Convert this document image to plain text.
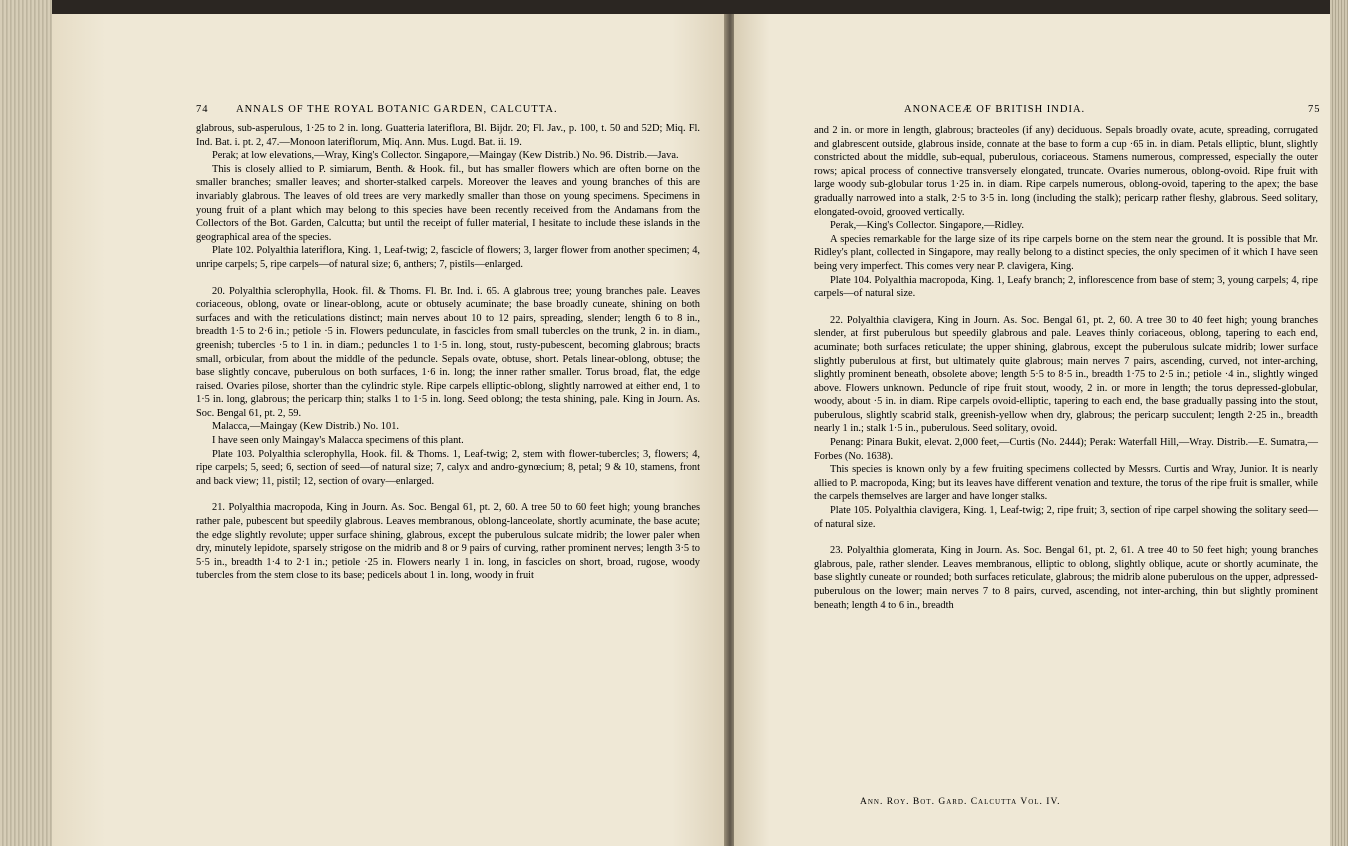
74	ANNALS OF THE ROYAL BOTANIC GARDEN, CALCUTTA.

glabrous, sub-asperulous, 1·25 to 2 in. long. Guatteria lateriflora, Bl. Bijdr. 20; Fl. Jav., p. 100, t. 50 and 52D; Miq. Fl. Ind. Bat. i. pt. 2, 47.—Monoon lateriflorum, Miq. Ann. Mus. Lugd. Bat. ii. 19.

Perak; at low elevations,—Wray, King's Collector. Singapore,—Maingay (Kew Distrib.) No. 96. Distrib.—Java.

This is closely allied to P. simiarum, Benth. & Hook. fil., but has smaller flowers which are often borne on the smaller branches; smaller leaves; and shorter-stalked carpels. Moreover the leaves and young branches of this are invariably glabrous. The leaves of old trees are very markedly smaller than those on young specimens. Specimens in young fruit of a plant which may belong to this species have been recently received from the Andamans from the Collectors of the Bot. Garden, Calcutta; but until the receipt of fuller material, I hesitate to include these islands in the geographical area of the species.

Plate 102. Polyalthia lateriflora, King. 1, Leaf-twig; 2, fascicle of flowers; 3, larger flower from another specimen; 4, unripe carpels; 5, ripe carpels—of natural size; 6, anthers; 7, pistils—enlarged.

20. Polyalthia sclerophylla, Hook. fil. & Thoms. Fl. Br. Ind. i. 65. A glabrous tree; young branches pale. Leaves coriaceous, oblong, ovate or linear-oblong, acute or obtusely acuminate; the base broadly cuneate, shining on both surfaces and with the reticulations distinct; main nerves about 10 to 12 pairs, spreading, slender; length 6 to 8 in., breadth 1·5 to 2·6 in.; petiole ·5 in. Flowers pedunculate, in fascicles from small tubercles on the trunk, 2 in. in diam., greenish; tubercles ·5 to 1 in. in diam.; peduncles 1 to 1·5 in. long, stout, rusty-pubescent, becoming glabrous; bracts small, orbicular, from about the middle of the peduncle. Sepals ovate, obtuse, short. Petals linear-oblong, obtuse; the base slightly concave, puberulous on both surfaces, 1·6 in. long; the inner rather smaller. Torus broad, flat, the edge raised. Ovaries pilose, shorter than the cylindric style. Ripe carpels elliptic-oblong, slightly narrowed at either end, 1 to 1·5 in. long, glabrous; the pericarp thin; stalks 1 to 1·5 in. long. Seed oblong; the testa shining, pale. King in Journ. As. Soc. Bengal 61, pt. 2, 59.

Malacca,—Maingay (Kew Distrib.) No. 101.

I have seen only Maingay's Malacca specimens of this plant.

Plate 103. Polyalthia sclerophylla, Hook. fil. & Thoms. 1, Leaf-twig; 2, stem with flower-tubercles; 3, flowers; 4, ripe carpels; 5, seed; 6, section of seed—of natural size; 7, calyx and andro-gynœcium; 8, petal; 9 & 10, stamens, front and back view; 11, pistil; 12, section of ovary—enlarged.

21. Polyalthia macropoda, King in Journ. As. Soc. Bengal 61, pt. 2, 60. A tree 50 to 60 feet high; young branches rather pale, pubescent but speedily glabrous. Leaves membranous, oblong-lanceolate, shortly acuminate, the base acute; the edge slightly revolute; upper surface shining, glabrous, except the puberulous sulcate midrib; the lower paler when dry, minutely lepidote, sparsely strigose on the midrib and 8 or 9 pairs of curving, rather prominent nerves; length 3·5 to 5·5 in., breadth 1·4 to 2·1 in.; petiole ·25 in. Flowers nearly 1 in. long, in fascicles on short, broad, rugose, woody tubercles from the stem close to its base; pedicels about 1 in. long, woody in fruit

ANONACEÆ OF BRITISH INDIA.	75

and 2 in. or more in length, glabrous; bracteoles (if any) deciduous. Sepals broadly ovate, acute, spreading, corrugated and glabrescent outside, glabrous inside, connate at the base to form a cup ·65 in. in diam. Petals elliptic, blunt, slightly constricted about the middle, sub-equal, puberulous, coriaceous. Stamens numerous, compressed, especially the outer rows; apical process of connective transversely elongated, truncate. Ovaries numerous, oblong-ovoid. Ripe fruit with large woody sub-globular torus 1·25 in. in diam. Ripe carpels numerous, oblong-ovoid, tapering to the apex; the base gradually narrowed into a stalk, 2·5 to 3·5 in. long (including the stalk); pericarp rather fleshy, glabrous. Seed solitary, elongated-ovoid, grooved vertically.

Perak,—King's Collector. Singapore,—Ridley.

A species remarkable for the large size of its ripe carpels borne on the stem near the ground. It is possible that Mr. Ridley's plant, collected in Singapore, may really belong to a distinct species, the only specimen of it which I have seen being very imperfect. This comes very near P. clavigera, King.

Plate 104. Polyalthia macropoda, King. 1, Leafy branch; 2, inflorescence from base of stem; 3, young carpels; 4, ripe carpels—of natural size.

22. Polyalthia clavigera, King in Journ. As. Soc. Bengal 61, pt. 2, 60. A tree 30 to 40 feet high; young branches slender, at first puberulous but speedily glabrous and pale. Leaves thinly coriaceous, oblong, tapering to each end, acuminate; both surfaces reticulate; the upper shining, glabrous, except the puberulous sulcate midrib; lower surface slightly puberulous at first, but ultimately quite glabrous; main nerves 7 pairs, ascending, curved, not inter-arching, slightly prominent beneath, obsolete above; length 5·5 to 8·5 in., breadth 1·75 to 2·5 in.; petiole ·4 in., slightly winged above. Flowers unknown. Peduncle of ripe fruit stout, woody, 2 in. or more in length; the torus depressed-globular, woody, about ·5 in. in diam. Ripe carpels ovoid-elliptic, tapering to each end, the base gradually passing into the stout, puberulous, slightly scabrid stalk, greenish-yellow when dry, glabrous; the pericarp succulent; length 2·25 in., breadth nearly 1 in.; stalk 1·5 in., puberulous. Seed solitary, ovoid.

Penang: Pinara Bukit, elevat. 2,000 feet,—Curtis (No. 2444); Perak: Waterfall Hill,—Wray. Distrib.—E. Sumatra,—Forbes (No. 1638).

This species is known only by a few fruiting specimens collected by Messrs. Curtis and Wray, Junior. It is nearly allied to P. macropoda, King; but its leaves have different venation and texture, the torus of the ripe fruit is smaller, while the carpels themselves are larger and have longer stalks.

Plate 105. Polyalthia clavigera, King. 1, Leaf-twig; 2, ripe fruit; 3, section of ripe carpel showing the solitary seed—of natural size.

23. Polyalthia glomerata, King in Journ. As. Soc. Bengal 61, pt. 2, 61. A tree 40 to 50 feet high; young branches glabrous, pale, rather slender. Leaves membranous, elliptic to oblong, slightly oblique, acute or shortly acuminate, the base slightly cuneate or rounded; both surfaces reticulate, glabrous; the midrib alone puberulous on the upper, adpressed-puberulous on the lower; main nerves 7 to 8 pairs, curved, ascending, not inter-arching, thin but slightly prominent beneath; length 4 to 6 in., breadth

Ann. Roy. Bot. Gard. Calcutta Vol. IV.
